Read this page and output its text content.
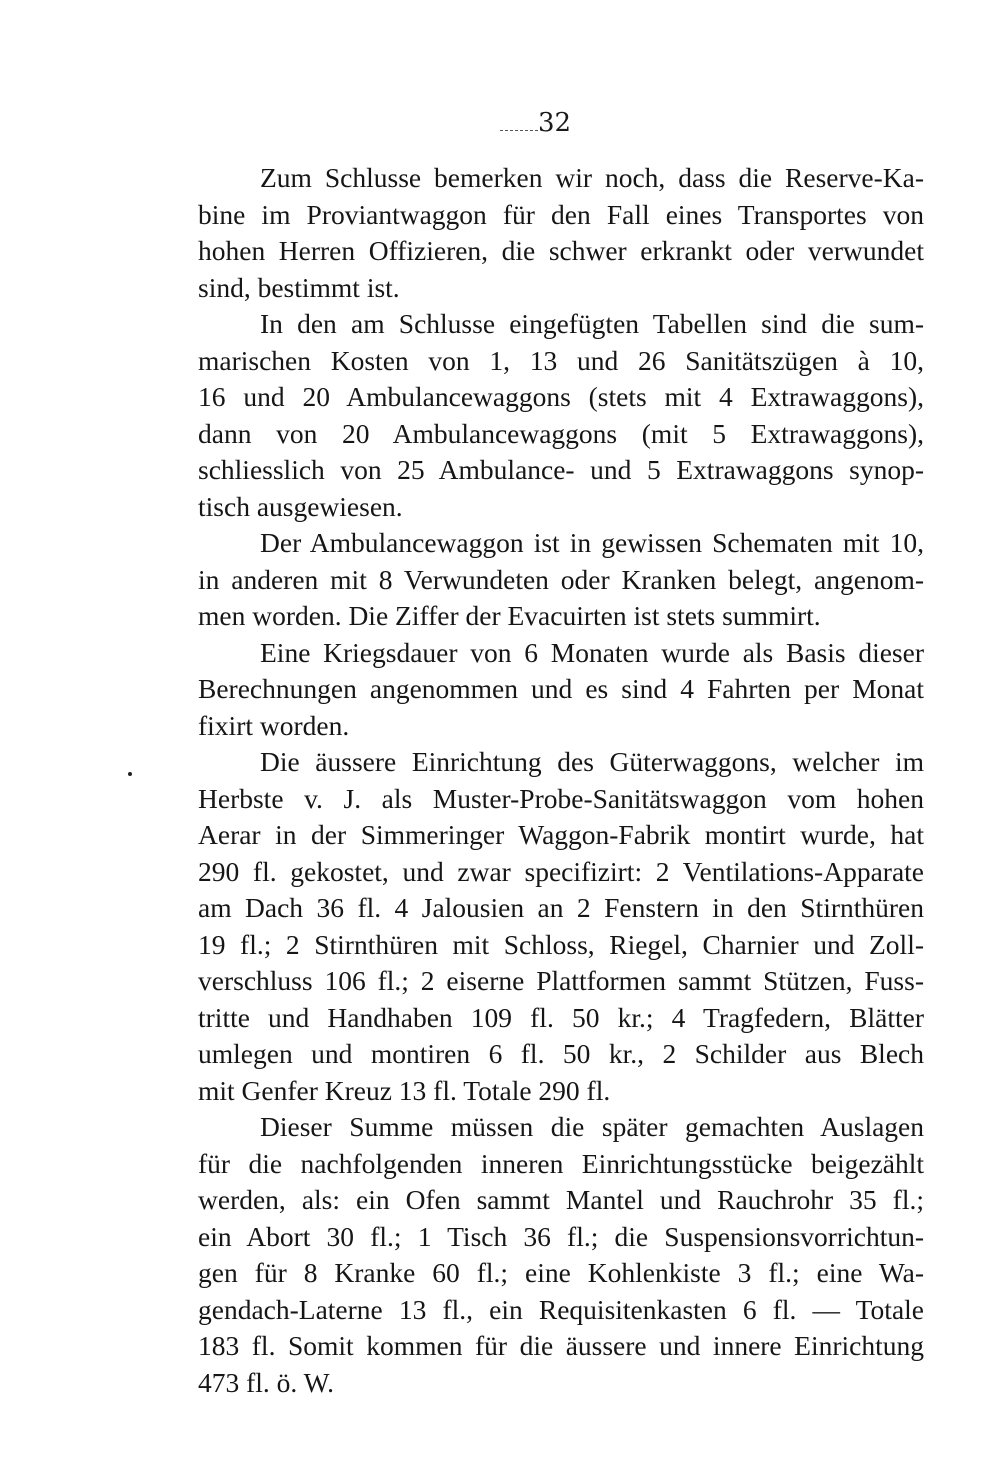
32
Zum Schlusse bemerken wir noch, dass die Reserve-Ka-
bine im Proviantwaggon für den Fall eines Transportes von
hohen Herren Offizieren, die schwer erkrankt oder verwundet
sind, bestimmt ist.
In den am Schlusse eingefügten Tabellen sind die sum-
marischen Kosten von 1, 13 und 26 Sanitätszügen à 10,
16 und 20 Ambulancewaggons (stets mit 4 Extrawaggons),
dann von 20 Ambulancewaggons (mit 5 Extrawaggons),
schliesslich von 25 Ambulance- und 5 Extrawaggons synop-
tisch ausgewiesen.
Der Ambulancewaggon ist in gewissen Schematen mit 10,
in anderen mit 8 Verwundeten oder Kranken belegt, angenom-
men worden. Die Ziffer der Evacuirten ist stets summirt.
Eine Kriegsdauer von 6 Monaten wurde als Basis dieser
Berechnungen angenommen und es sind 4 Fahrten per Monat
fixirt worden.
Die äussere Einrichtung des Güterwaggons, welcher im
Herbste v. J. als Muster-Probe-Sanitätswaggon vom hohen
Aerar in der Simmeringer Waggon-Fabrik montirt wurde, hat
290 fl. gekostet, und zwar specifizirt: 2 Ventilations-Apparate
am Dach 36 fl. 4 Jalousien an 2 Fenstern in den Stirnthüren
19 fl.; 2 Stirnthüren mit Schloss, Riegel, Charnier und Zoll-
verschluss 106 fl.; 2 eiserne Plattformen sammt Stützen, Fuss-
tritte und Handhaben 109 fl. 50 kr.; 4 Tragfedern, Blätter
umlegen und montiren 6 fl. 50 kr., 2 Schilder aus Blech
mit Genfer Kreuz 13 fl. Totale 290 fl.
Dieser Summe müssen die später gemachten Auslagen
für die nachfolgenden inneren Einrichtungsstücke beigezählt
werden, als: ein Ofen sammt Mantel und Rauchrohr 35 fl.;
ein Abort 30 fl.; 1 Tisch 36 fl.; die Suspensionsvorrichtun-
gen für 8 Kranke 60 fl.; eine Kohlenkiste 3 fl.; eine Wa-
gendach-Laterne 13 fl., ein Requisitenkasten 6 fl. — Totale
183 fl. Somit kommen für die äussere und innere Einrichtung
473 fl. ö. W.
